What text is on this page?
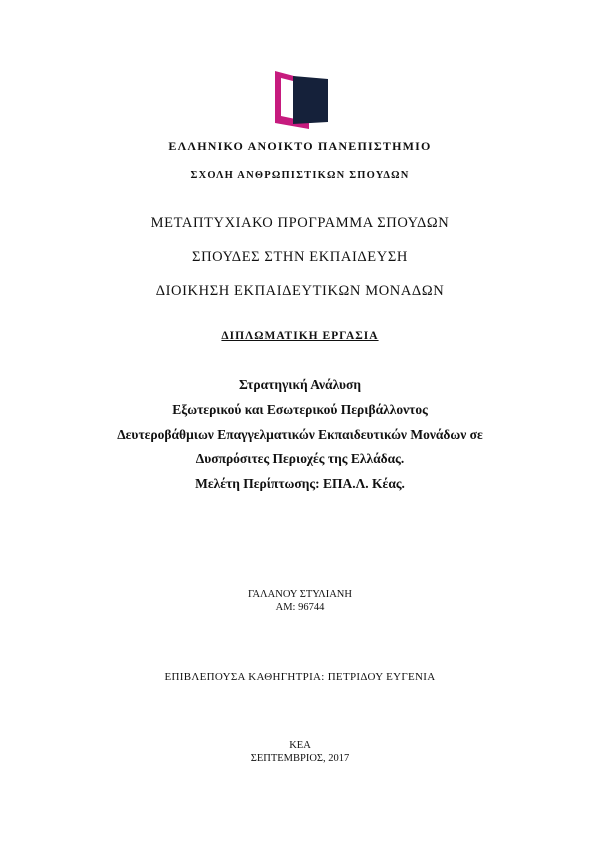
ΕΛΛΗΝΙΚΟ ΑΝΟΙΚΤΟ ΠΑΝΕΠΙΣΤΗΜΙΟ
ΣΧΟΛΗ ΑΝΘΡΩΠΙΣΤΙΚΩΝ ΣΠΟΥΔΩΝ
ΜΕΤΑΠΤΥΧΙΑΚΟ ΠΡΟΓΡΑΜΜΑ ΣΠΟΥΔΩΝ
ΣΠΟΥΔΕΣ ΣΤΗΝ ΕΚΠΑΙΔΕΥΣΗ
ΔΙΟΙΚΗΣΗ ΕΚΠΑΙΔΕΥΤΙΚΩΝ ΜΟΝΑΔΩΝ
ΔΙΠΛΩΜΑΤΙΚΗ ΕΡΓΑΣΙΑ
Στρατηγική Ανάλυση
Εξωτερικού και Εσωτερικού Περιβάλλοντος
Δευτεροβάθμιων Επαγγελματικών Εκπαιδευτικών Μονάδων σε
Δυσπρόσιτες Περιοχές της Ελλάδας.
Μελέτη Περίπτωσης: ΕΠΑ.Λ. Κέας.
ΓΑΛΑΝΟΥ ΣΤΥΛΙΑΝΗ
ΑΜ: 96744
ΕΠΙΒΛΕΠΟΥΣΑ ΚΑΘΗΓΗΤΡΙΑ: ΠΕΤΡΙΔΟΥ ΕΥΓΕΝΙΑ
ΚΕΑ
ΣΕΠΤΕΜΒΡΙΟΣ, 2017
